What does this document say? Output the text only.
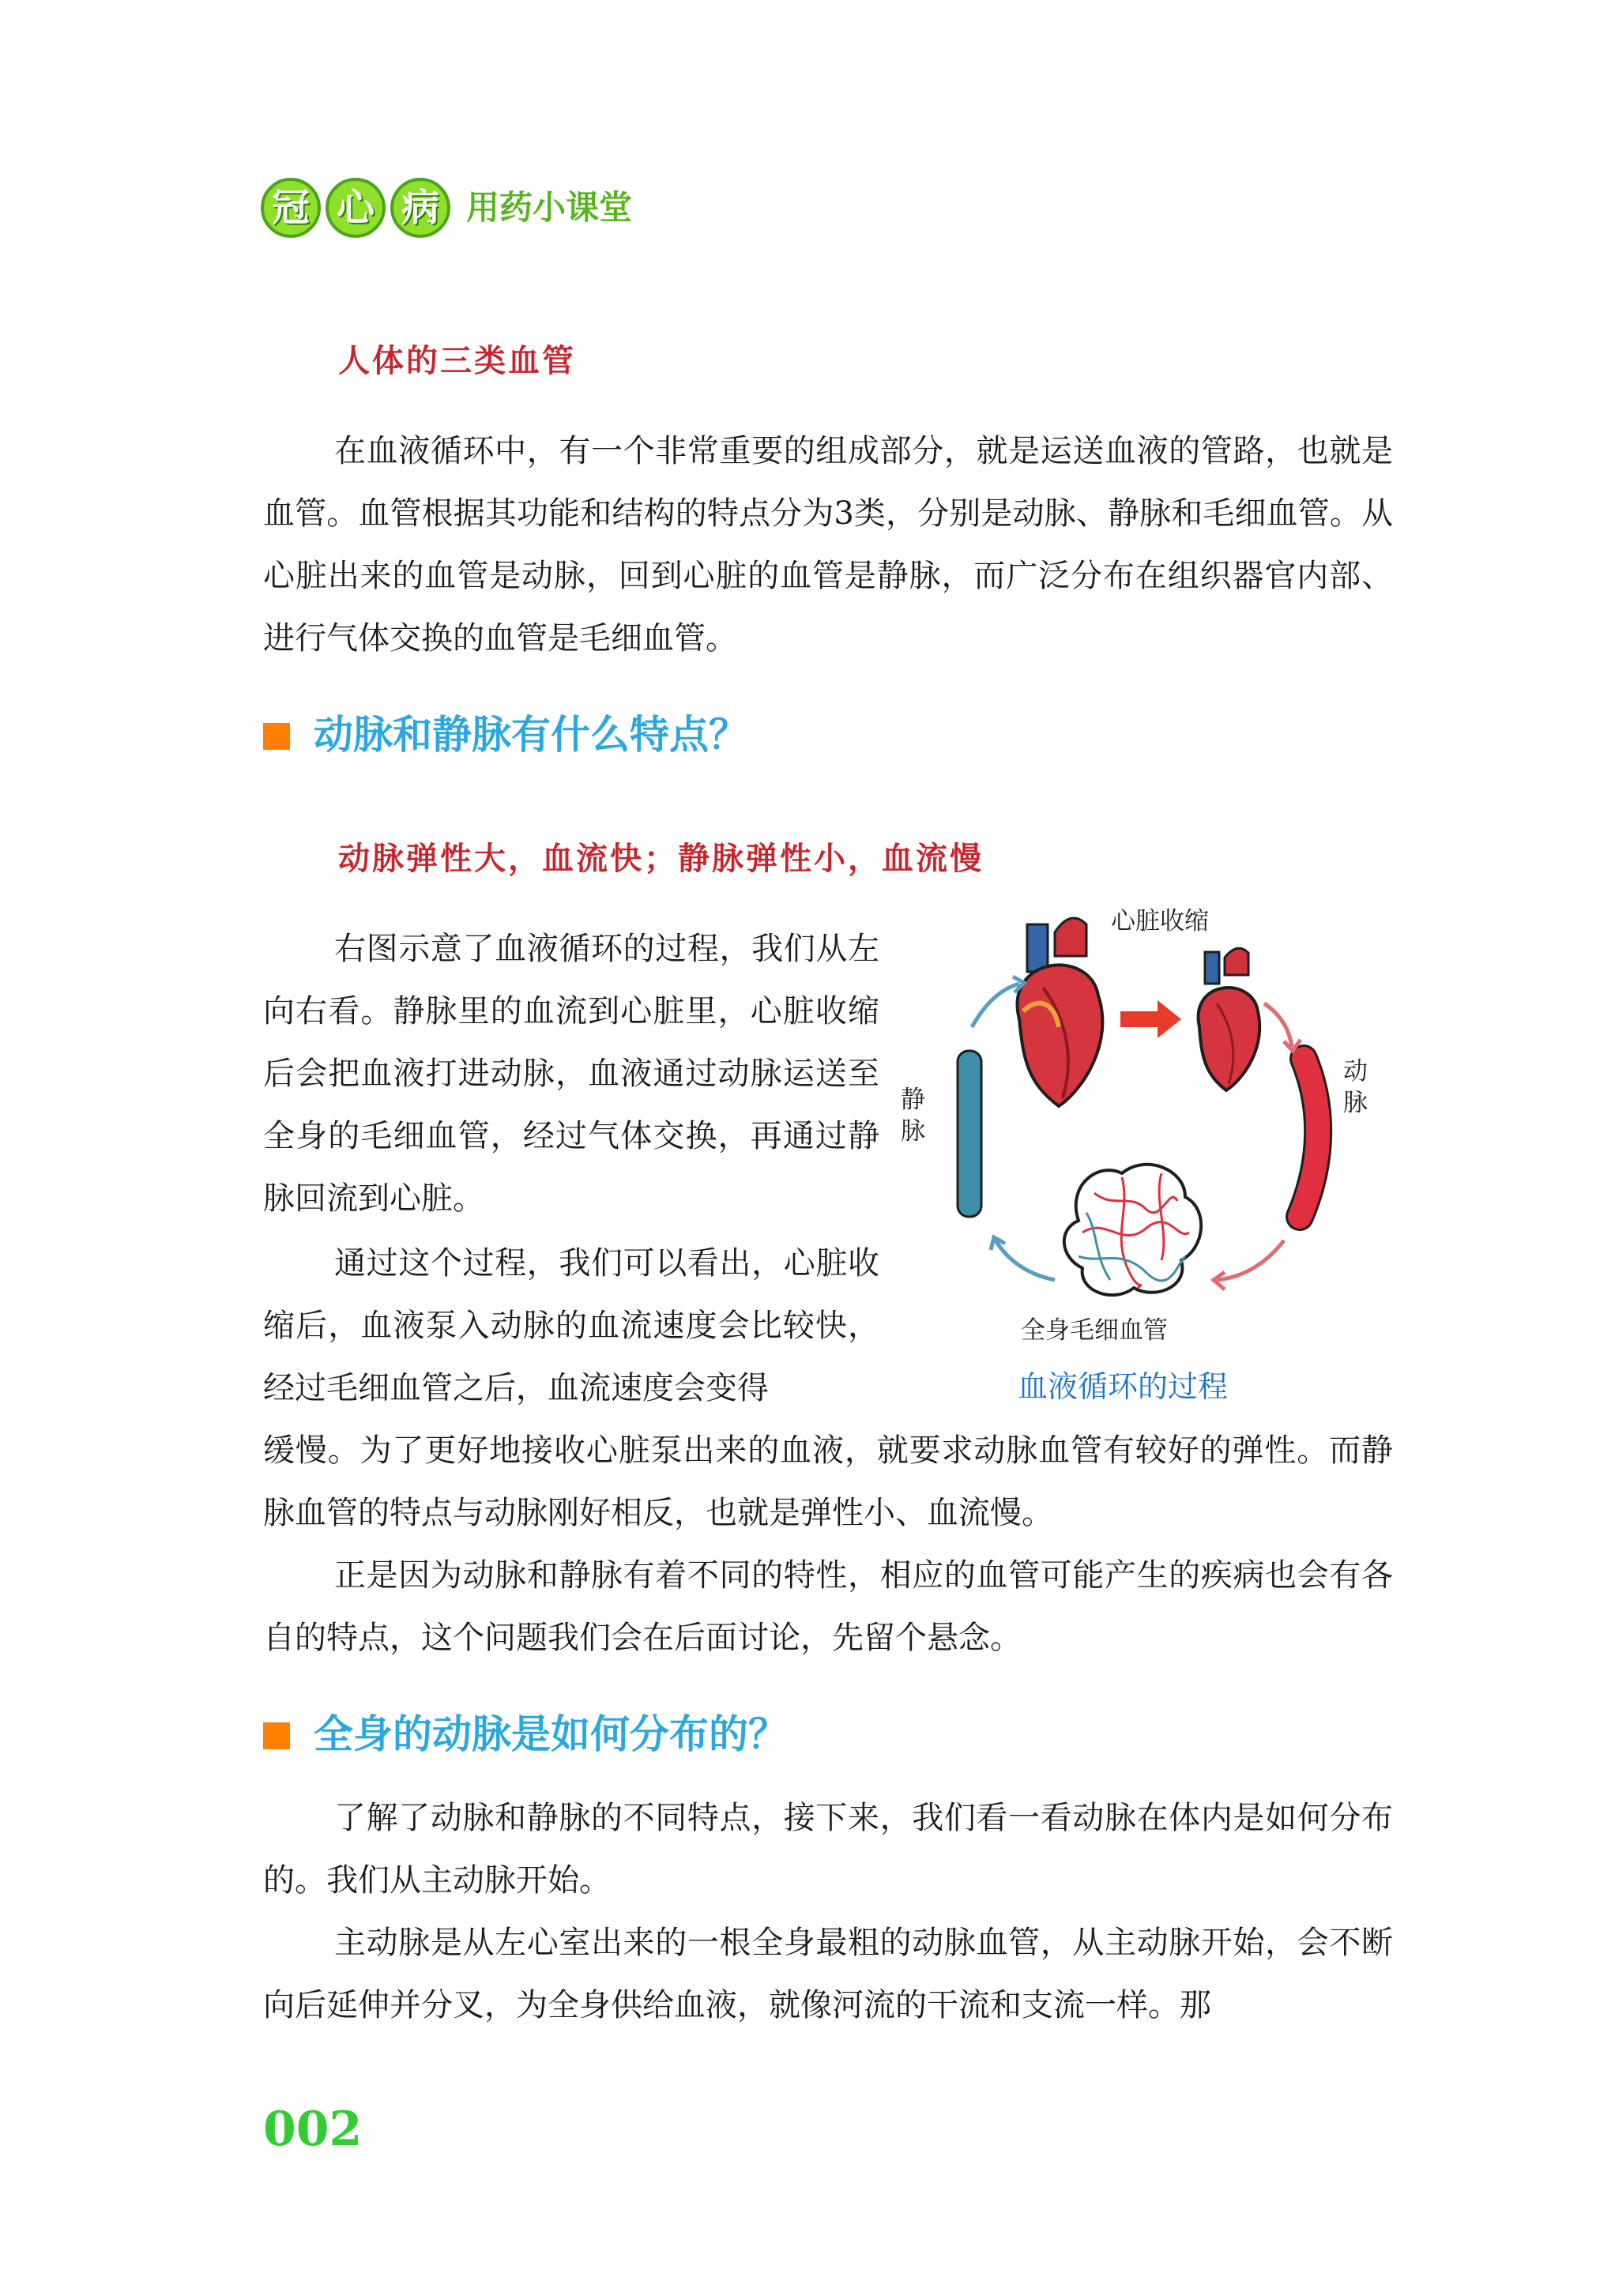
冠 心 病 用药小课堂
人体的三类血管
在血液循环中，有一个非常重要的组成部分，就是运送血液的管路，也就是血管。血管根据其功能和结构的特点分为3类，分别是动脉、静脉和毛细血管。从心脏出来的血管是动脉，回到心脏的血管是静脉，而广泛分布在组织器官内部、进行气体交换的血管是毛细血管。
动脉和静脉有什么特点？
动脉弹性大，血流快；静脉弹性小，血流慢
右图示意了血液循环的过程，我们从左向右看。静脉里的血流到心脏里，心脏收缩后会把血液打进动脉，血液通过动脉运送至全身的毛细血管，经过气体交换，再通过静脉回流到心脏。
通过这个过程，我们可以看出，心脏收缩后，血液泵入动脉的血流速度会比较快，经过毛细血管之后，血流速度会变得
缓慢。为了更好地接收心脏泵出来的血液，就要求动脉血管有较好的弹性。而静脉血管的特点与动脉刚好相反，也就是弹性小、血流慢。
正是因为动脉和静脉有着不同的特性，相应的血管可能产生的疾病也会有各自的特点，这个问题我们会在后面讨论，先留个悬念。
心脏收缩
静脉
动脉
全身毛细血管
血液循环的过程
全身的动脉是如何分布的？
了解了动脉和静脉的不同特点，接下来，我们看一看动脉在体内是如何分布的。我们从主动脉开始。
主动脉是从左心室出来的一根全身最粗的动脉血管，从主动脉开始，会不断向后延伸并分叉，为全身供给血液，就像河流的干流和支流一样。那
002
